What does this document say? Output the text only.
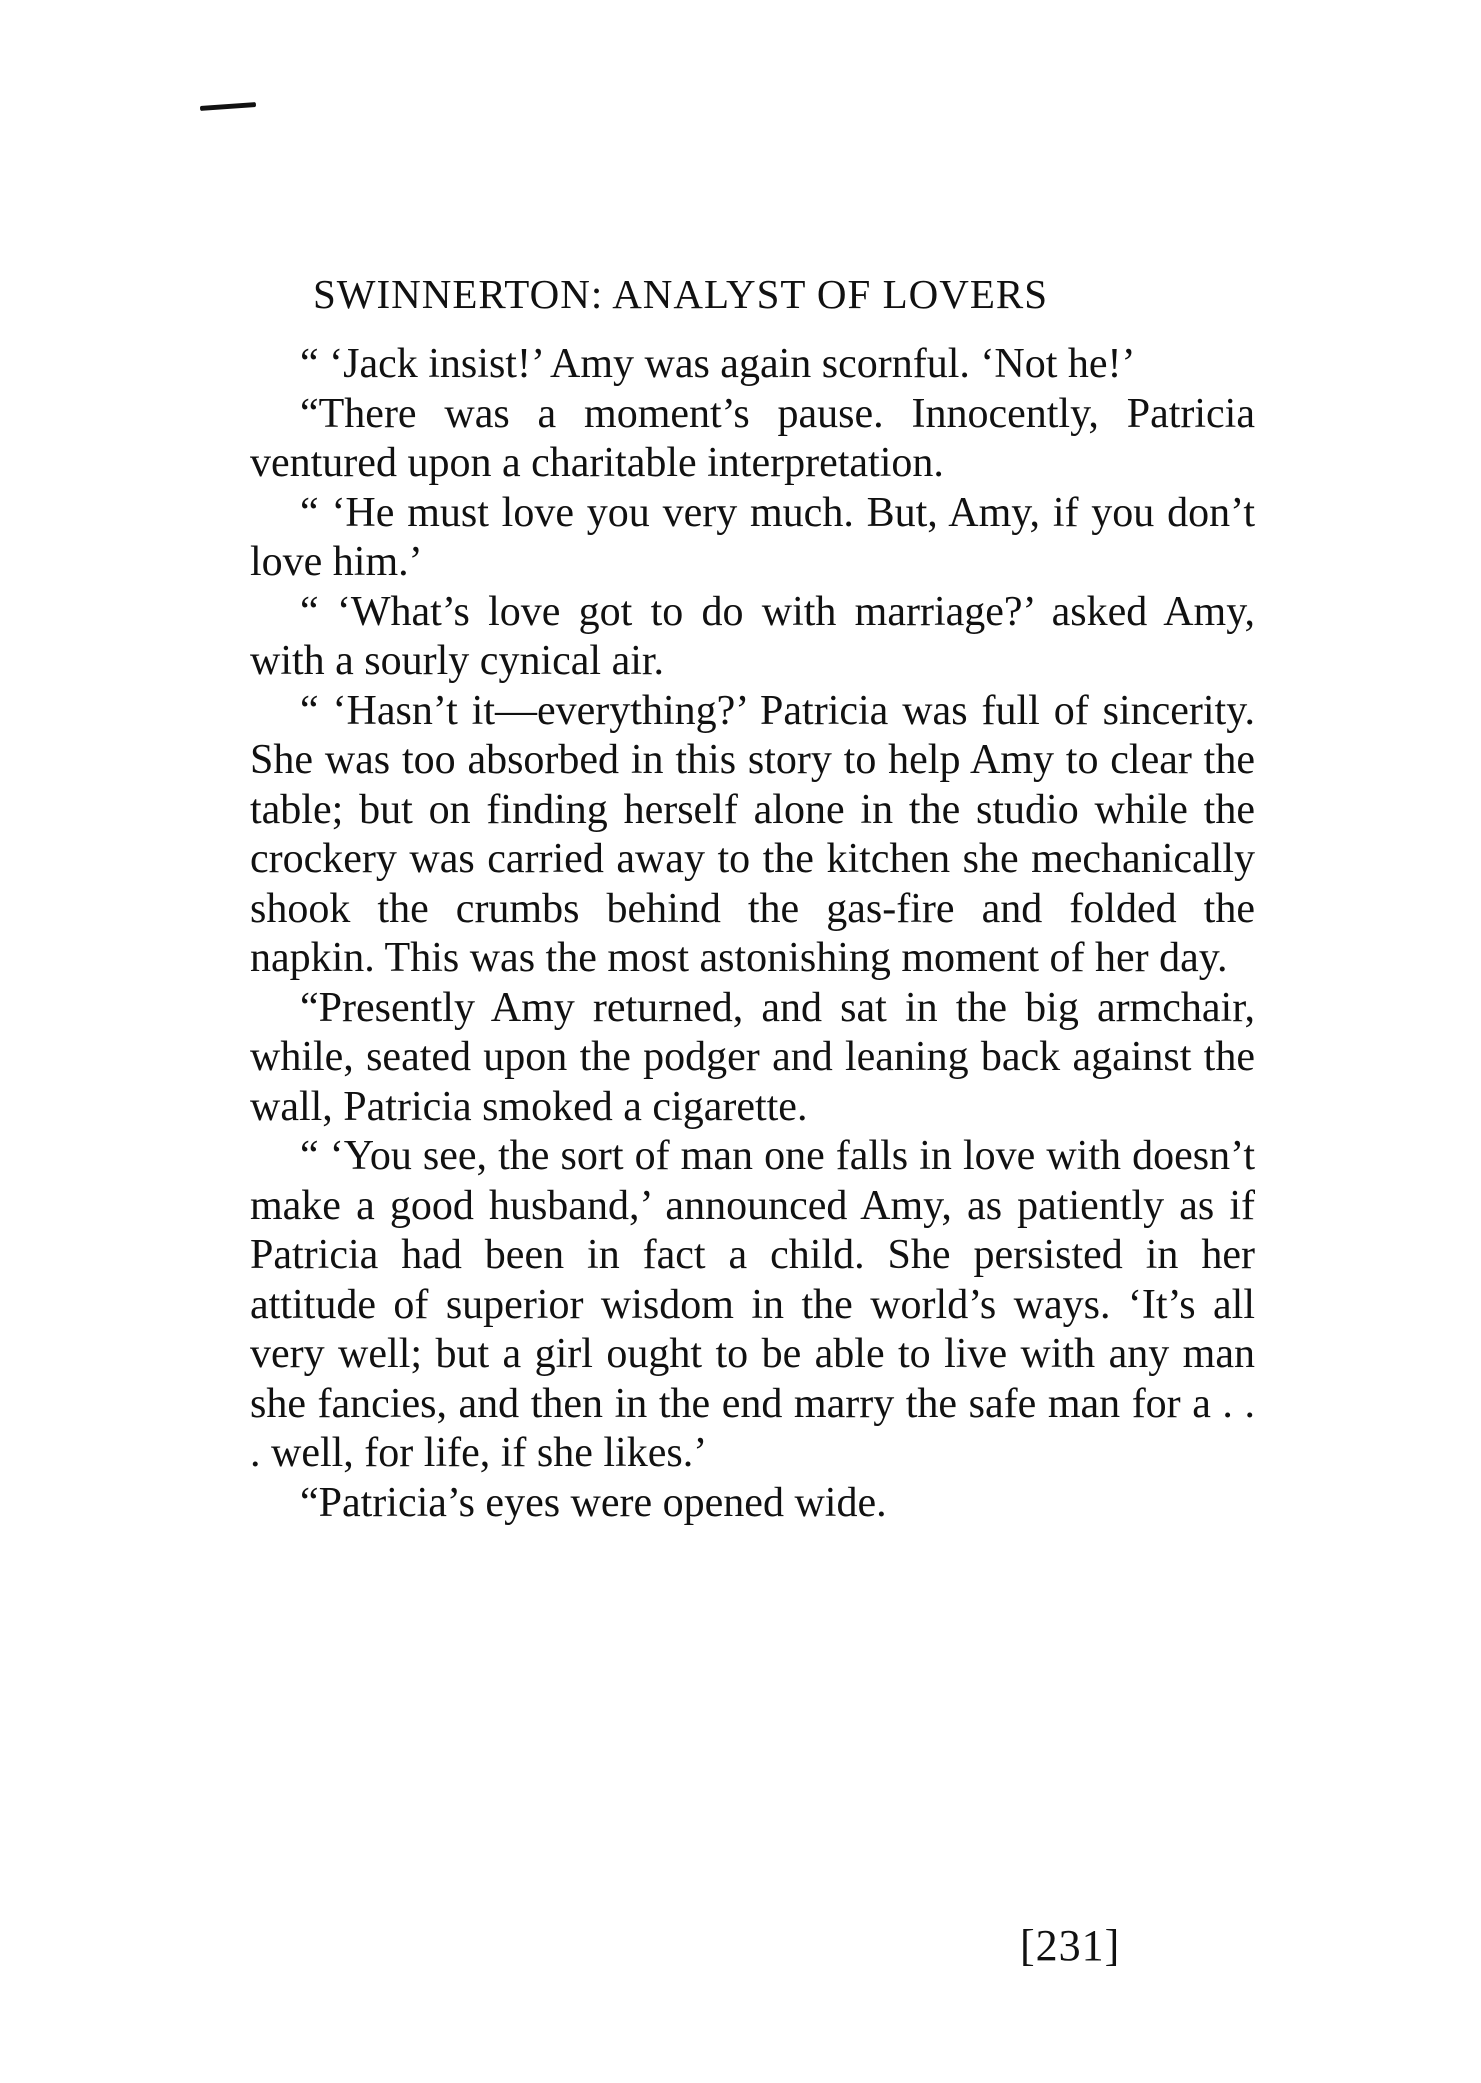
SWINNERTON: ANALYST OF LOVERS

“ ‘Jack insist!’ Amy was again scornful. ‘Not he!’

“There was a moment’s pause. Innocently, Patricia ventured upon a charitable interpretation.

“ ‘He must love you very much. But, Amy, if you don’t love him.’

“ ‘What’s love got to do with marriage?’ asked Amy, with a sourly cynical air.

“ ‘Hasn’t it—everything?’ Patricia was full of sincerity. She was too absorbed in this story to help Amy to clear the table; but on finding herself alone in the studio while the crockery was carried away to the kitchen she mechanically shook the crumbs behind the gas-fire and folded the napkin. This was the most astonishing moment of her day.

“Presently Amy returned, and sat in the big armchair, while, seated upon the podger and leaning back against the wall, Patricia smoked a cigarette.

“ ‘You see, the sort of man one falls in love with doesn’t make a good husband,’ announced Amy, as patiently as if Patricia had been in fact a child. She persisted in her attitude of superior wisdom in the world’s ways. ‘It’s all very well; but a girl ought to be able to live with any man she fancies, and then in the end marry the safe man for a . . . well, for life, if she likes.’

“Patricia’s eyes were opened wide.

[231]
